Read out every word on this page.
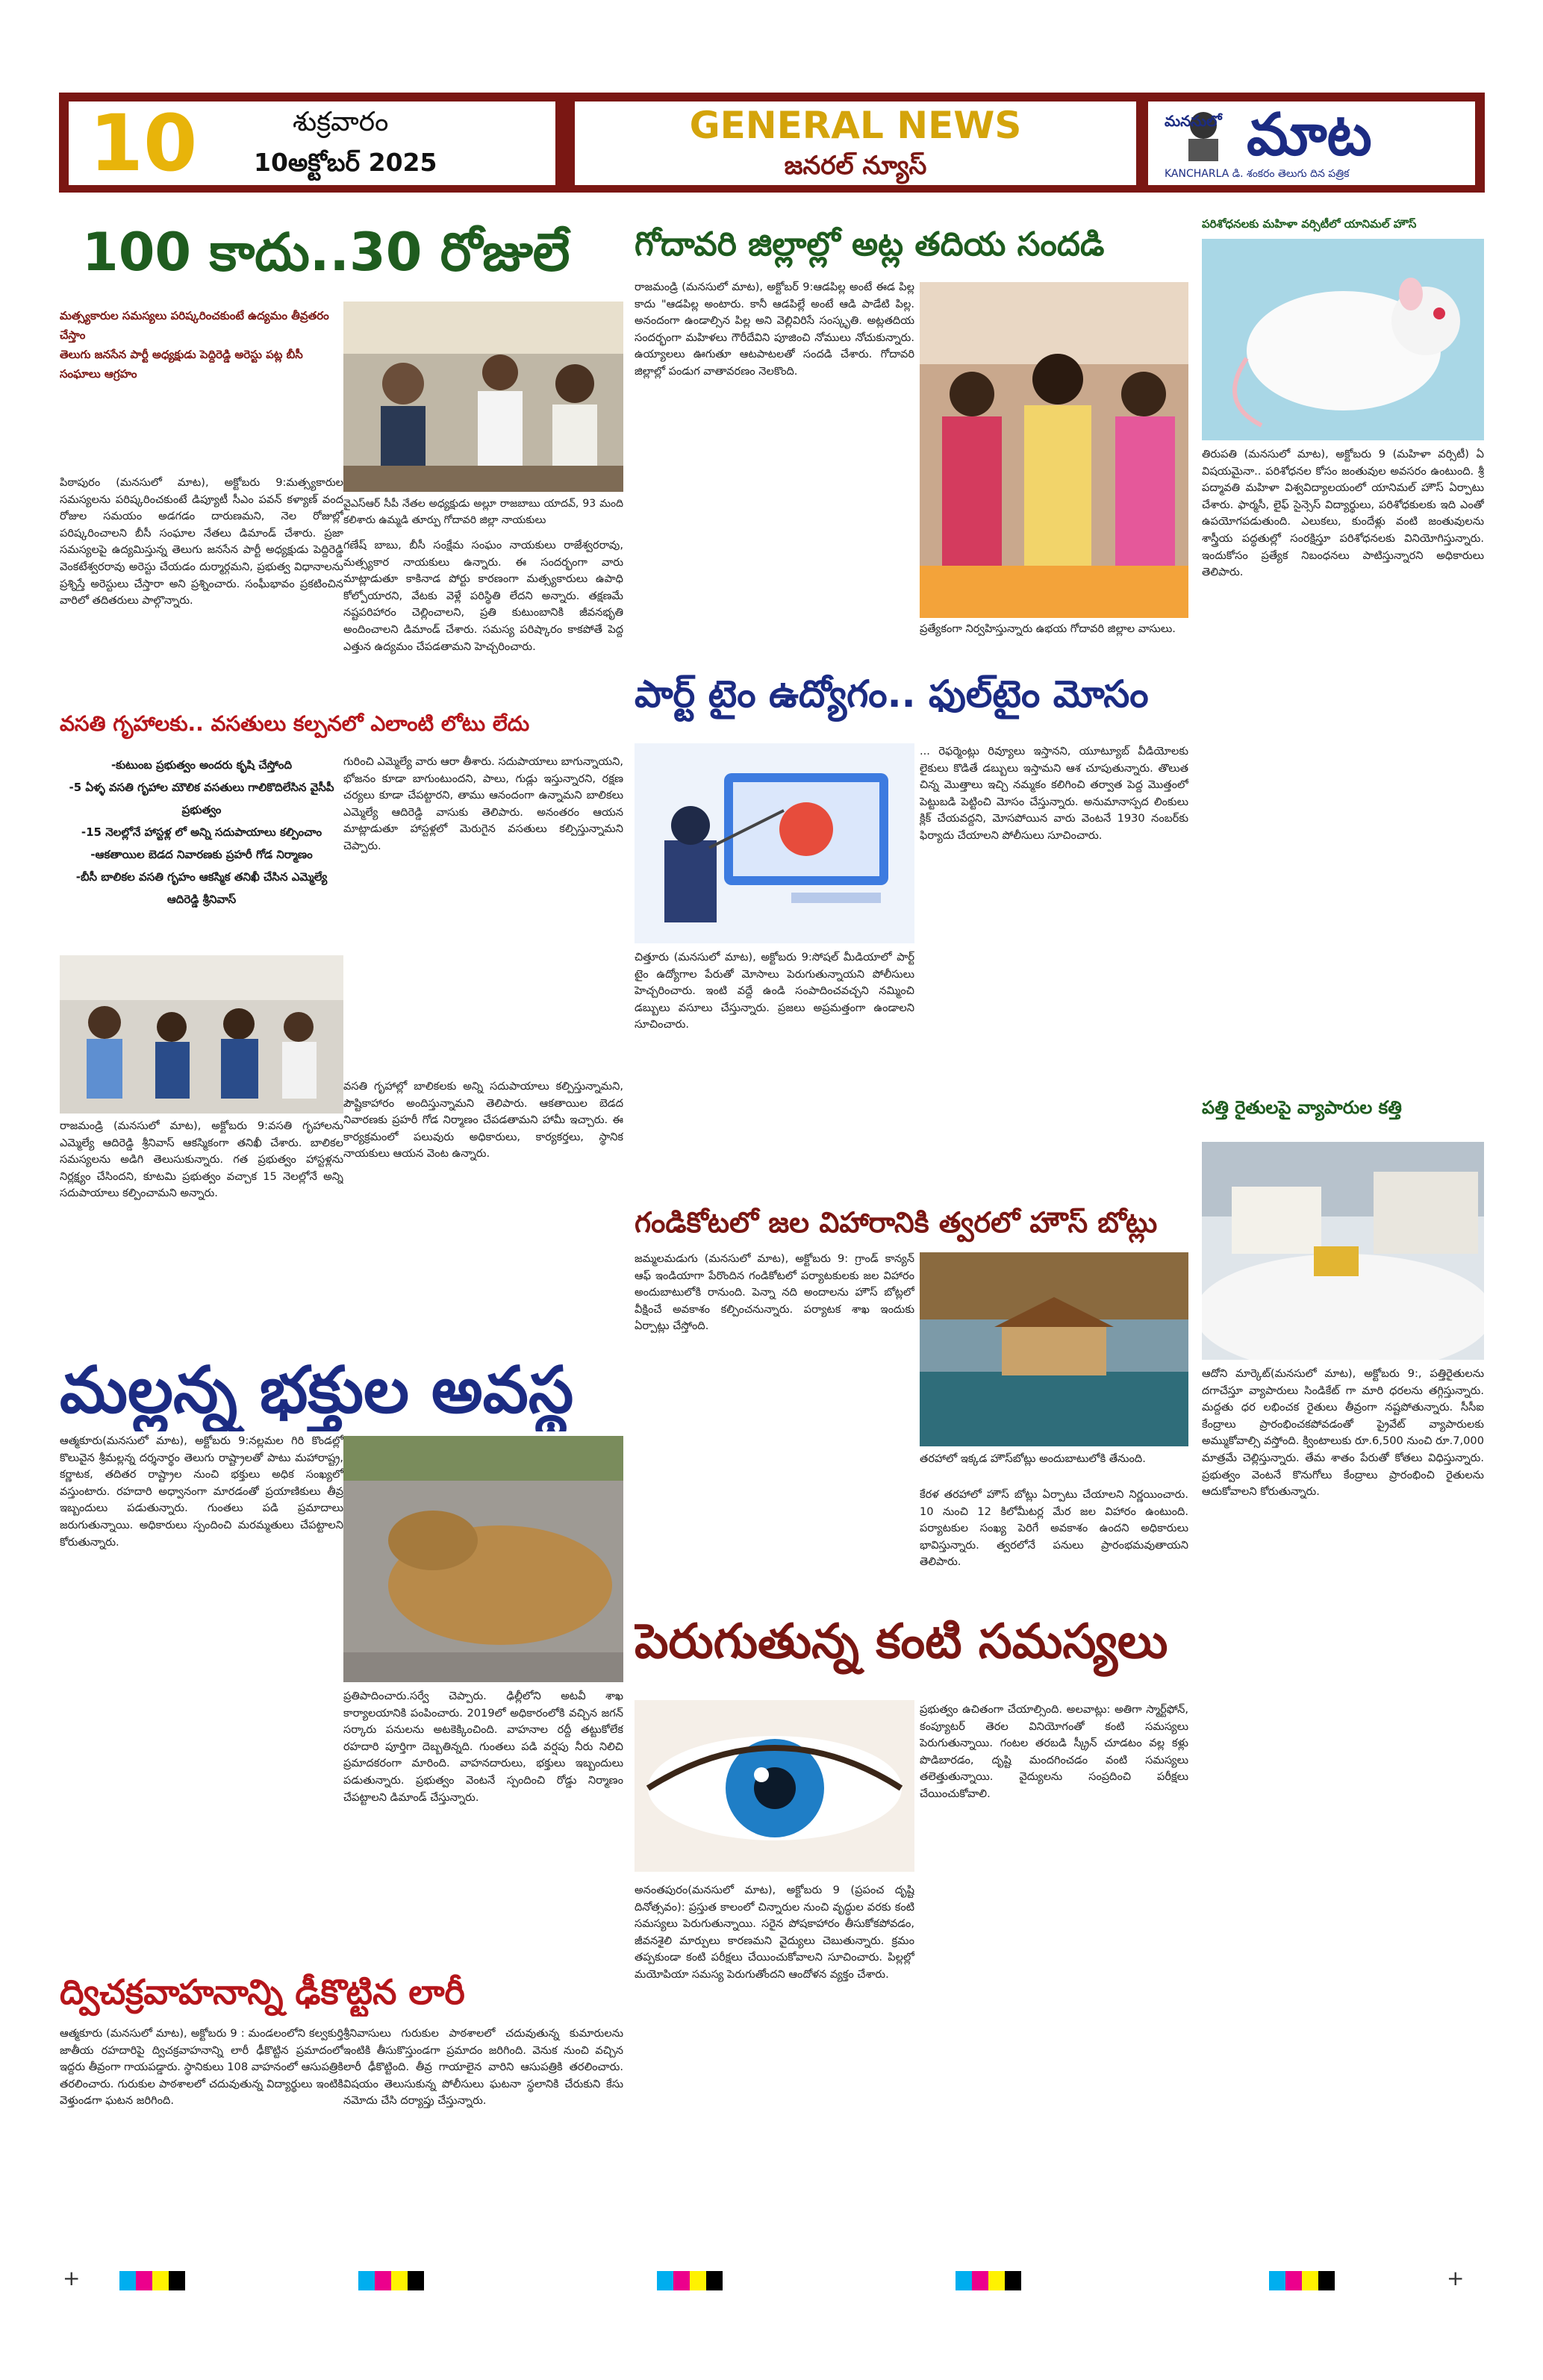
10	శుక్రవారం
10అక్టోబర్ 2025
GENERAL NEWS
జనరల్ న్యూస్
మనసులో మాట
KANCHARLA డి. శంకరం తెలుగు దిన పత్రిక
100 కాదు..30 రోజులే
మత్స్యకారుల సమస్యలు పరిష్కరించకుంటే ఉద్యమం తీవ్రతరం చేస్తాం
తెలుగు జనసేన పార్టీ అధ్యక్షుడు పెద్దిరెడ్డి అరెస్టు పట్ల బీసీ సంఘాలు ఆగ్రహం
పిఠాపురం (మనసులో మాట), అక్టోబరు 9:మత్స్యకారుల సమస్యలను పరిష్కరించకుంటే డిప్యూటీ సీఎం పవన్ కళ్యాణ్ వంద రోజుల సమయం అడగడం దారుణమని, నెల రోజుల్లో పరిష్కరించాలని బీసీ సంఘాల నేతలు డిమాండ్ చేశారు. ప్రజా సమస్యలపై ఉద్యమిస్తున్న తెలుగు జనసేన పార్టీ అధ్యక్షుడు పెద్దిరెడ్డి వెంకటేశ్వరరావు అరెస్టు చేయడం దుర్మార్గమని, ప్రభుత్వ విధానాలను ప్రశ్నిస్తే అరెస్టులు చేస్తారా అని ప్రశ్నించారు. సంఘీభావం ప్రకటించిన వారిలో తదితరులు పాల్గొన్నారు.
వైఎస్ఆర్ సీపీ నేతల అధ్యక్షుడు అల్లూ రాజబాబు యాదవ్, 93 మంది కలిశారు ఉమ్మడి తూర్పు గోదావరి జిల్లా నాయకులు
గణేష్ బాబు, బీసీ సంక్షేమ సంఘం నాయకులు రాజేశ్వరరావు, మత్స్యకార నాయకులు ఉన్నారు. ఈ సందర్భంగా వారు మాట్లాడుతూ కాకినాడ పోర్టు కారణంగా మత్స్యకారులు ఉపాధి కోల్పోయారని, వేటకు వెళ్లే పరిస్థితి లేదని అన్నారు. తక్షణమే నష్టపరిహారం చెల్లించాలని, ప్రతి కుటుంబానికి జీవనభృతి అందించాలని డిమాండ్ చేశారు. సమస్య పరిష్కారం కాకపోతే పెద్ద ఎత్తున ఉద్యమం చేపడతామని హెచ్చరించారు.
వసతి గృహాలకు.. వసతులు కల్పనలో ఎలాంటి లోటు లేదు
-కుటుంబ ప్రభుత్వం అందరు కృషి చేస్తోంది
-5 ఏళ్ళ వసతి గృహాల మౌలిక వసతులు గాలికొదిలేసిన వైసీపీ ప్రభుత్వం
-15 నెలల్లోనే హాస్టళ్ల లో అన్ని సదుపాయాలు కల్పించాం
-ఆకతాయిల బెడద నివారణకు ప్రహరీ గోడ నిర్మాణం
-బీసీ బాలికల వసతి గృహం ఆకస్మిక తనిఖీ చేసిన ఎమ్మెల్యే ఆదిరెడ్డి శ్రీనివాస్
గురించి ఎమ్మెల్యే వారు ఆరా తీశారు. సదుపాయాలు బాగున్నాయని, భోజనం కూడా బాగుంటుందని, పాలు, గుడ్లు ఇస్తున్నారని, రక్షణ చర్యలు కూడా చేపట్టారని, తాము ఆనందంగా ఉన్నామని బాలికలు ఎమ్మెల్యే ఆదిరెడ్డి వాసుకు తెలిపారు. అనంతరం ఆయన మాట్లాడుతూ హాస్టళ్లలో మెరుగైన వసతులు కల్పిస్తున్నామని చెప్పారు.
రాజమండ్రి (మనసులో మాట), అక్టోబరు 9:వసతి గృహాలను ఎమ్మెల్యే ఆదిరెడ్డి శ్రీనివాస్ ఆకస్మికంగా తనిఖీ చేశారు. బాలికల సమస్యలను అడిగి తెలుసుకున్నారు. గత ప్రభుత్వం హాస్టళ్లను నిర్లక్ష్యం చేసిందని, కూటమి ప్రభుత్వం వచ్చాక 15 నెలల్లోనే అన్ని సదుపాయాలు కల్పించామని అన్నారు.
వసతి గృహాల్లో బాలికలకు అన్ని సదుపాయాలు కల్పిస్తున్నామని, పౌష్టికాహారం అందిస్తున్నామని తెలిపారు. ఆకతాయిల బెడద నివారణకు ప్రహరీ గోడ నిర్మాణం చేపడతామని హామీ ఇచ్చారు. ఈ కార్యక్రమంలో పలువురు అధికారులు, కార్యకర్తలు, స్థానిక నాయకులు ఆయన వెంట ఉన్నారు.
మల్లన్న భక్తుల అవస్థ
ఆత్మకూరు(మనసులో మాట), అక్టోబరు 9:నల్లమల గిరి కొండల్లో కొలువైన శ్రీమల్లన్న దర్శనార్థం తెలుగు రాష్ట్రాలతో పాటు మహారాష్ట్ర, కర్ణాటక, తదితర రాష్ట్రాల నుంచి భక్తులు అధిక సంఖ్యలో వస్తుంటారు. రహదారి అధ్వానంగా మారడంతో ప్రయాణికులు తీవ్ర ఇబ్బందులు పడుతున్నారు. గుంతలు పడి ప్రమాదాలు జరుగుతున్నాయి. అధికారులు స్పందించి మరమ్మతులు చేపట్టాలని కోరుతున్నారు.
ప్రతిపాదించారు.సర్వే చెప్పారు. ఢిల్లీలోని అటవీ శాఖ కార్యాలయానికి పంపించారు. 2019లో అధికారంలోకి వచ్చిన జగన్ సర్కారు పనులను అటకెక్కించింది. వాహనాల రద్దీ తట్టుకోలేక రహదారి పూర్తిగా దెబ్బతిన్నది. గుంతలు పడి వర్షపు నీరు నిలిచి ప్రమాదకరంగా మారింది. వాహనదారులు, భక్తులు ఇబ్బందులు పడుతున్నారు. ప్రభుత్వం వెంటనే స్పందించి రోడ్డు నిర్మాణం చేపట్టాలని డిమాండ్ చేస్తున్నారు.
ద్విచక్రవాహనాన్ని ఢీకొట్టిన లారీ
ఆత్మకూరు (మనసులో మాట), అక్టోబరు 9 : మండలంలోని కల్వకుర్తి జాతీయ రహదారిపై ద్విచక్రవాహనాన్ని లారీ ఢీకొట్టిన ప్రమాదంలో ఇద్దరు తీవ్రంగా గాయపడ్డారు. స్థానికులు 108 వాహనంలో ఆసుపత్రికి తరలించారు. గురుకుల పాఠశాలలో చదువుతున్న విద్యార్థులు ఇంటికి వెళ్తుండగా ఘటన జరిగింది.
శ్రీనివాసులు గురుకుల పాఠశాలలో చదువుతున్న కుమారులను ఇంటికి తీసుకొస్తుండగా ప్రమాదం జరిగింది. వెనుక నుంచి వచ్చిన లారీ ఢీకొట్టింది. తీవ్ర గాయాలైన వారిని ఆసుపత్రికి తరలించారు. విషయం తెలుసుకున్న పోలీసులు ఘటనా స్థలానికి చేరుకుని కేసు నమోదు చేసి దర్యాప్తు చేస్తున్నారు.
గోదావరి జిల్లాల్లో అట్ల తదియ సందడి
రాజమండ్రి (మనసులో మాట), అక్టోబర్ 9:ఆడపిల్ల అంటే ఈడ పిల్ల కాదు "ఆడపిల్ల అంటారు. కానీ ఆడపిల్లే అంటే ఆడి పాడేటి పిల్ల. అనందంగా ఉండాల్సిన పిల్ల అని వెల్లివిరిసే సంస్కృతి. అట్లతదియ సందర్భంగా మహిళలు గౌరీదేవిని పూజించి నోములు నోచుకున్నారు. ఉయ్యాలలు ఊగుతూ ఆటపాటలతో సందడి చేశారు. గోదావరి జిల్లాల్లో పండుగ వాతావరణం నెలకొంది.
ప్రత్యేకంగా నిర్వహిస్తున్నారు ఉభయ గోదావరి జిల్లాల వాసులు.
పార్ట్ టైం ఉద్యోగం.. ఫుల్‌టైం మోసం
చిత్తూరు (మనసులో మాట), అక్టోబరు 9:సోషల్ మీడియాలో పార్ట్ టైం ఉద్యోగాల పేరుతో మోసాలు పెరుగుతున్నాయని పోలీసులు హెచ్చరించారు. ఇంటి వద్దే ఉండి సంపాదించవచ్చని నమ్మించి డబ్బులు వసూలు చేస్తున్నారు. ప్రజలు అప్రమత్తంగా ఉండాలని సూచించారు.
... రెఫర్మెంట్లు రివ్యూలు ఇస్తానని, యూట్యూబ్ వీడియోలకు లైకులు కొడితే డబ్బులు ఇస్తామని ఆశ చూపుతున్నారు. తొలుత చిన్న మొత్తాలు ఇచ్చి నమ్మకం కలిగించి తర్వాత పెద్ద మొత్తంలో పెట్టుబడి పెట్టించి మోసం చేస్తున్నారు. అనుమానాస్పద లింకులు క్లిక్ చేయవద్దని, మోసపోయిన వారు వెంటనే 1930 నంబర్‌కు ఫిర్యాదు చేయాలని పోలీసులు సూచించారు.
గండికోటలో జల విహారానికి త్వరలో హౌస్ బోట్లు
జమ్మలమడుగు (మనసులో మాట), అక్టోబరు 9: గ్రాండ్ కాన్యన్ ఆఫ్ ఇండియాగా పేరొందిన గండికోటలో పర్యాటకులకు జల విహారం అందుబాటులోకి రానుంది. పెన్నా నది అందాలను హౌస్ బోట్లలో వీక్షించే అవకాశం కల్పించనున్నారు. పర్యాటక శాఖ ఇందుకు ఏర్పాట్లు చేస్తోంది.
తరహాలో ఇక్కడ హౌస్‌బోట్లు అందుబాటులోకి తేనుంది.
కేరళ తరహాలో హౌస్ బోట్లు ఏర్పాటు చేయాలని నిర్ణయించారు. 10 నుంచి 12 కిలోమీటర్ల మేర జల విహారం ఉంటుంది. పర్యాటకుల సంఖ్య పెరిగే అవకాశం ఉందని అధికారులు భావిస్తున్నారు. త్వరలోనే పనులు ప్రారంభమవుతాయని తెలిపారు.
పెరుగుతున్న కంటి సమస్యలు
ప్రభుత్వం ఉచితంగా చేయాల్సింది. అలవాట్లు: అతిగా స్మార్ట్‌ఫోన్, కంప్యూటర్ తెరల వినియోగంతో కంటి సమస్యలు పెరుగుతున్నాయి. గంటల తరబడి స్క్రీన్ చూడటం వల్ల కళ్లు పొడిబారడం, దృష్టి మందగించడం వంటి సమస్యలు తలెత్తుతున్నాయి. వైద్యులను సంప్రదించి పరీక్షలు చేయించుకోవాలి.
అనంతపురం(మనసులో మాట), అక్టోబరు 9 (ప్రపంచ దృష్టి దినోత్సవం): ప్రస్తుత కాలంలో చిన్నారుల నుంచి వృద్ధుల వరకు కంటి సమస్యలు పెరుగుతున్నాయి. సరైన పోషకాహారం తీసుకోకపోవడం, జీవనశైలి మార్పులు కారణమని వైద్యులు చెబుతున్నారు. క్రమం తప్పకుండా కంటి పరీక్షలు చేయించుకోవాలని సూచించారు. పిల్లల్లో మయోపియా సమస్య పెరుగుతోందని ఆందోళన వ్యక్తం చేశారు.
పరిశోధనలకు మహిళా వర్సిటీలో యానిమల్ హౌస్
తిరుపతి (మనసులో మాట), అక్టోబరు 9 (మహిళా వర్సిటీ) ఏ విషయమైనా.. పరిశోధనల కోసం జంతువుల అవసరం ఉంటుంది. శ్రీ పద్మావతి మహిళా విశ్వవిద్యాలయంలో యానిమల్ హౌస్ ఏర్పాటు చేశారు. ఫార్మసీ, లైఫ్ సైన్సెస్ విద్యార్థులు, పరిశోధకులకు ఇది ఎంతో ఉపయోగపడుతుంది. ఎలుకలు, కుందేళ్లు వంటి జంతువులను శాస్త్రీయ పద్ధతుల్లో సంరక్షిస్తూ పరిశోధనలకు వినియోగిస్తున్నారు. ఇందుకోసం ప్రత్యేక నిబంధనలు పాటిస్తున్నారని అధికారులు తెలిపారు.
పత్తి రైతులపై వ్యాపారుల కత్తి
ఆదోని మార్కెట్(మనసులో మాట), అక్టోబరు 9:, పత్తిరైతులను దగాచేస్తూ వ్యాపారులు సిండికేట్ గా మారి ధరలను తగ్గిస్తున్నారు. మద్దతు ధర లభించక రైతులు తీవ్రంగా నష్టపోతున్నారు. సీసీఐ కేంద్రాలు ప్రారంభించకపోవడంతో ప్రైవేట్ వ్యాపారులకు అమ్ముకోవాల్సి వస్తోంది. క్వింటాలుకు రూ.6,500 నుంచి రూ.7,000 మాత్రమే చెల్లిస్తున్నారు. తేమ శాతం పేరుతో కోతలు విధిస్తున్నారు. ప్రభుత్వం వెంటనే కొనుగోలు కేంద్రాలు ప్రారంభించి రైతులను ఆదుకోవాలని కోరుతున్నారు.
+	+
